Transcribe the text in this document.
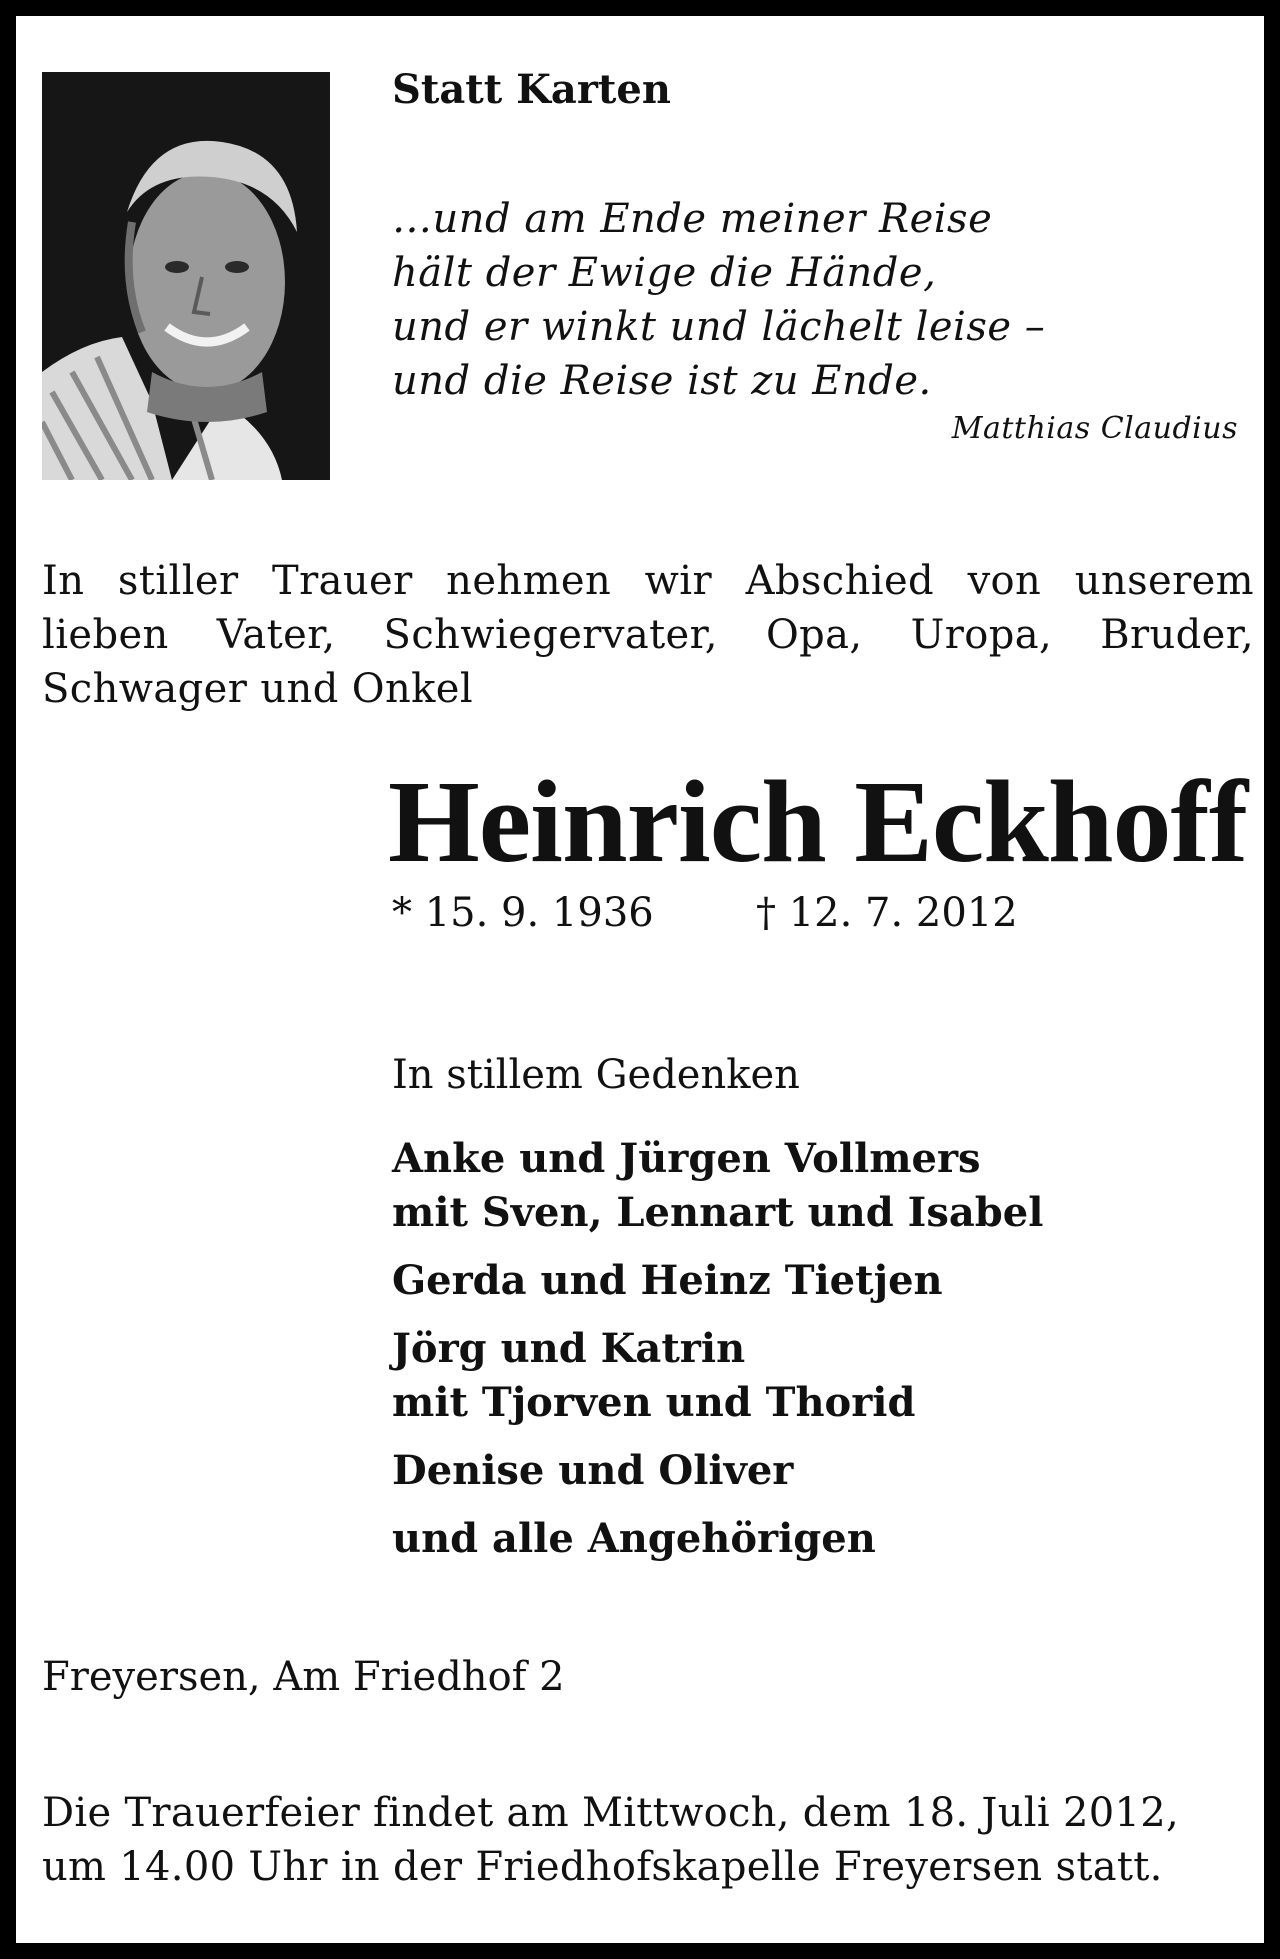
Statt Karten
…und am Ende meiner Reise
hält der Ewige die Hände,
und er winkt und lächelt leise –
und die Reise ist zu Ende.
Matthias Claudius
In stiller Trauer nehmen wir Abschied von unserem
lieben Vater, Schwiegervater, Opa, Uropa, Bruder,
Schwager und Onkel
Heinrich Eckhoff
* 15. 9. 1936	† 12. 7. 2012
In stillem Gedenken
Anke und Jürgen Vollmers
mit Sven, Lennart und Isabel
Gerda und Heinz Tietjen
Jörg und Katrin
mit Tjorven und Thorid
Denise und Oliver
und alle Angehörigen
Freyersen, Am Friedhof 2
Die Trauerfeier findet am Mittwoch, dem 18. Juli 2012,
um 14.00 Uhr in der Friedhofskapelle Freyersen statt.
